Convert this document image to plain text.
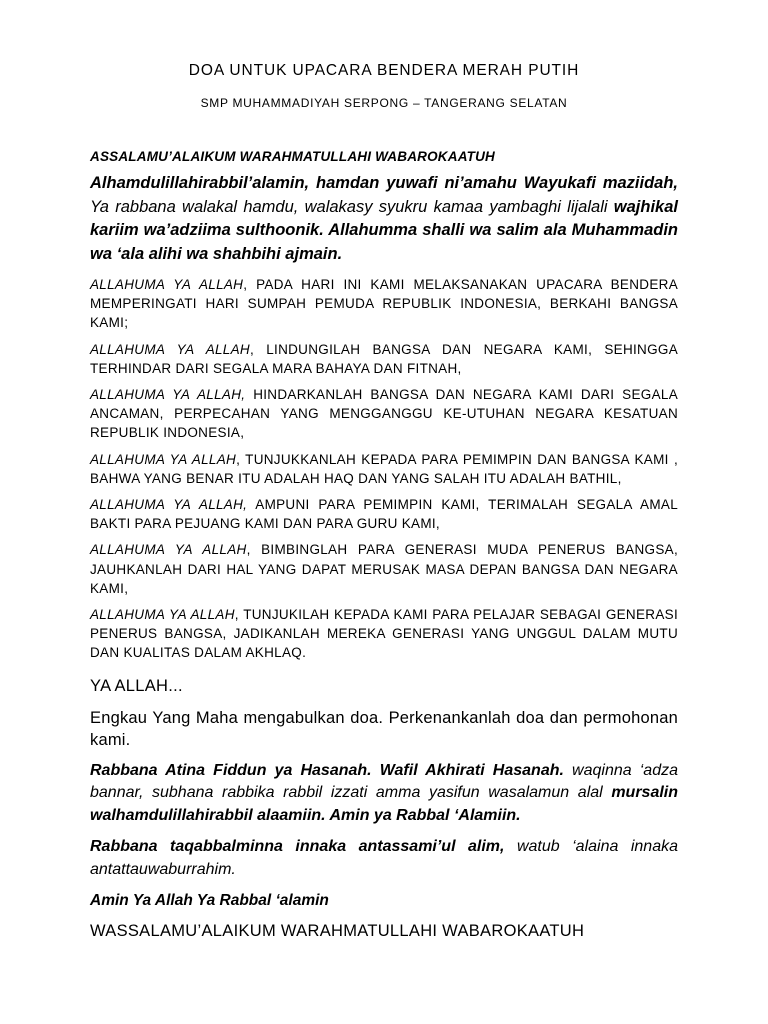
DOA UNTUK UPACARA BENDERA MERAH PUTIH

SMP MUHAMMADIYAH SERPONG – TANGERANG SELATAN

ASSALAMU’ALAIKUM WARAHMATULLAHI WABAROKAATUH

Alhamdulillahirabbil’alamin, hamdan yuwafi ni’amahu Wayukafi maziidah, Ya rabbana walakal hamdu, walakasy syukru kamaa yambaghi lijalali wajhikal kariim wa’adziima sulthoonik. Allahumma shalli wa salim ala Muhammadin wa ‘ala alihi wa shahbihi ajmain.

ALLAHUMA YA ALLAH, PADA HARI INI KAMI MELAKSANAKAN UPACARA BENDERA MEMPERINGATI HARI SUMPAH PEMUDA REPUBLIK INDONESIA, BERKAHI BANGSA KAMI;

ALLAHUMA YA ALLAH, LINDUNGILAH BANGSA DAN NEGARA KAMI, SEHINGGA TERHINDAR DARI SEGALA MARA BAHAYA DAN FITNAH,

ALLAHUMA YA ALLAH, HINDARKANLAH BANGSA DAN NEGARA KAMI DARI SEGALA ANCAMAN, PERPECAHAN YANG MENGGANGGU KE-UTUHAN NEGARA KESATUAN REPUBLIK INDONESIA,

ALLAHUMA YA ALLAH, TUNJUKKANLAH KEPADA PARA PEMIMPIN DAN BANGSA KAMI , BAHWA YANG BENAR ITU ADALAH HAQ DAN YANG SALAH ITU ADALAH BATHIL,

ALLAHUMA YA ALLAH, AMPUNI PARA PEMIMPIN KAMI, TERIMALAH SEGALA AMAL BAKTI PARA PEJUANG KAMI DAN PARA GURU KAMI,

ALLAHUMA YA ALLAH, BIMBINGLAH PARA GENERASI MUDA PENERUS BANGSA, JAUHKANLAH DARI HAL YANG DAPAT MERUSAK MASA DEPAN BANGSA DAN NEGARA KAMI,

ALLAHUMA YA ALLAH, TUNJUKILAH KEPADA KAMI PARA PELAJAR SEBAGAI GENERASI PENERUS BANGSA, JADIKANLAH MEREKA GENERASI YANG UNGGUL DALAM MUTU DAN KUALITAS DALAM AKHLAQ.

YA ALLAH...

Engkau Yang Maha mengabulkan doa. Perkenankanlah doa dan permohonan kami.

Rabbana Atina Fiddun ya Hasanah. Wafil Akhirati Hasanah. waqinna ‘adza bannar, subhana rabbika rabbil izzati amma yasifun wasalamun alal mursalin walhamdulillahirabbil alaamiin. Amin ya Rabbal ‘Alamiin.

Rabbana taqabbalminna innaka antassami’ul alim, watub ‘alaina innaka antattauwaburrahim.

Amin Ya Allah Ya Rabbal ‘alamin

WASSALAMU’ALAIKUM WARAHMATULLAHI WABAROKAATUH
